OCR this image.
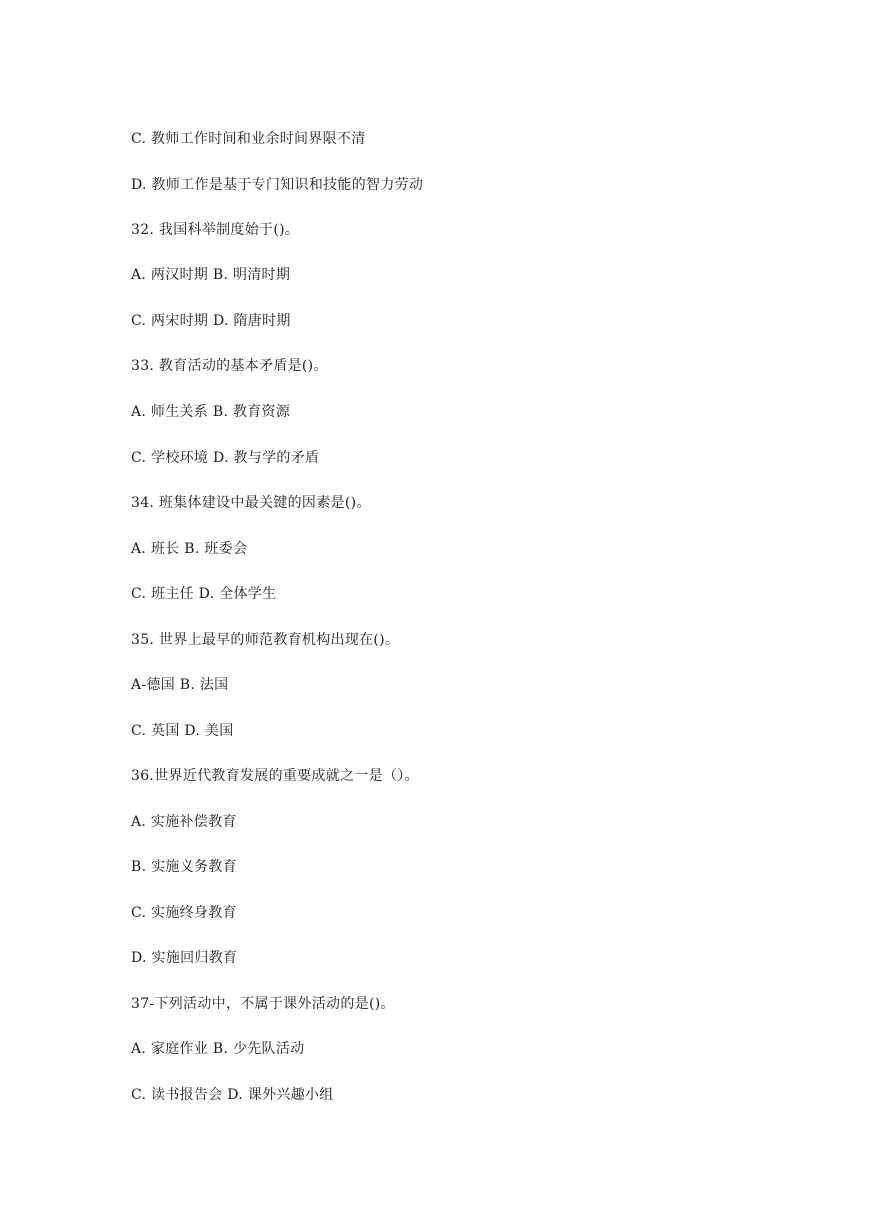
C. 教师工作时间和业余时间界限不清

D. 教师工作是基于专门知识和技能的智力劳动

32. 我国科举制度始于()。

A. 两汉时期 B. 明清时期

C. 两宋时期 D. 隋唐时期

33. 教育活动的基本矛盾是()。

A. 师生关系 B. 教育资源

C. 学校环境 D. 教与学的矛盾

34. 班集体建设中最关键的因素是()。

A. 班长 B. 班委会

C. 班主任 D. 全体学生

35. 世界上最早的师范教育机构出现在()。

A-德国 B. 法国

C. 英国 D. 美国

36.世界近代教育发展的重要成就之一是（）。

A. 实施补偿教育

B. 实施义务教育

C. 实施终身教育

D. 实施回归教育

37-下列活动中，不属于课外活动的是()。

A. 家庭作业 B. 少先队活动

C. 读书报告会 D. 课外兴趣小组
